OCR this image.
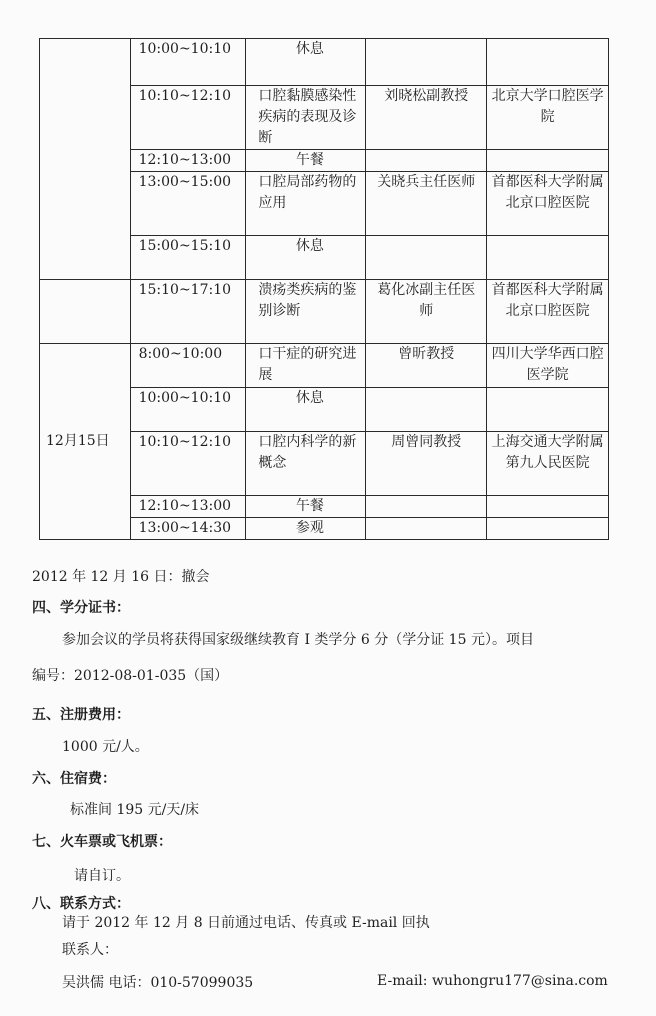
	10:00~10:10	休息		

	10:10~12:10	口腔黏膜感染性疾病的表现及诊断	刘晓松副教授	北京大学口腔医学院
	12:10~13:00	午餐		

	13:00~15:00	口腔局部药物的应用	关晓兵主任医师	首都医科大学附属北京口腔医院
	15:00~15:10	休息		

	15:10~17:10	溃疡类疾病的鉴别诊断	葛化冰副主任医师	首都医科大学附属北京口腔医院

12月15日	8:00~10:00	口干症的研究进展	曾昕教授	四川大学华西口腔医学院
	10:00~10:10	休息		

	10:10~12:10	口腔内科学的新概念	周曾同教授	上海交通大学附属第九人民医院
	12:10~13:00	午餐		

	13:00~14:30	参观		

2012 年 12 月 16 日：撤会
四、学分证书：
参加会议的学员将获得国家级继续教育 I 类学分 6 分（学分证 15 元）。项目
编号：2012-08-01-035（国）
五、注册费用：
1000 元/人。
六、住宿费：
标准间 195 元/天/床
七、火车票或飞机票：
请自订。
八、联系方式：
请于 2012 年 12 月 8 日前通过电话、传真或 E-mail 回执
联系人：
吴洪儒 电话：010-57099035	E-mail: wuhongru177@sina.com
